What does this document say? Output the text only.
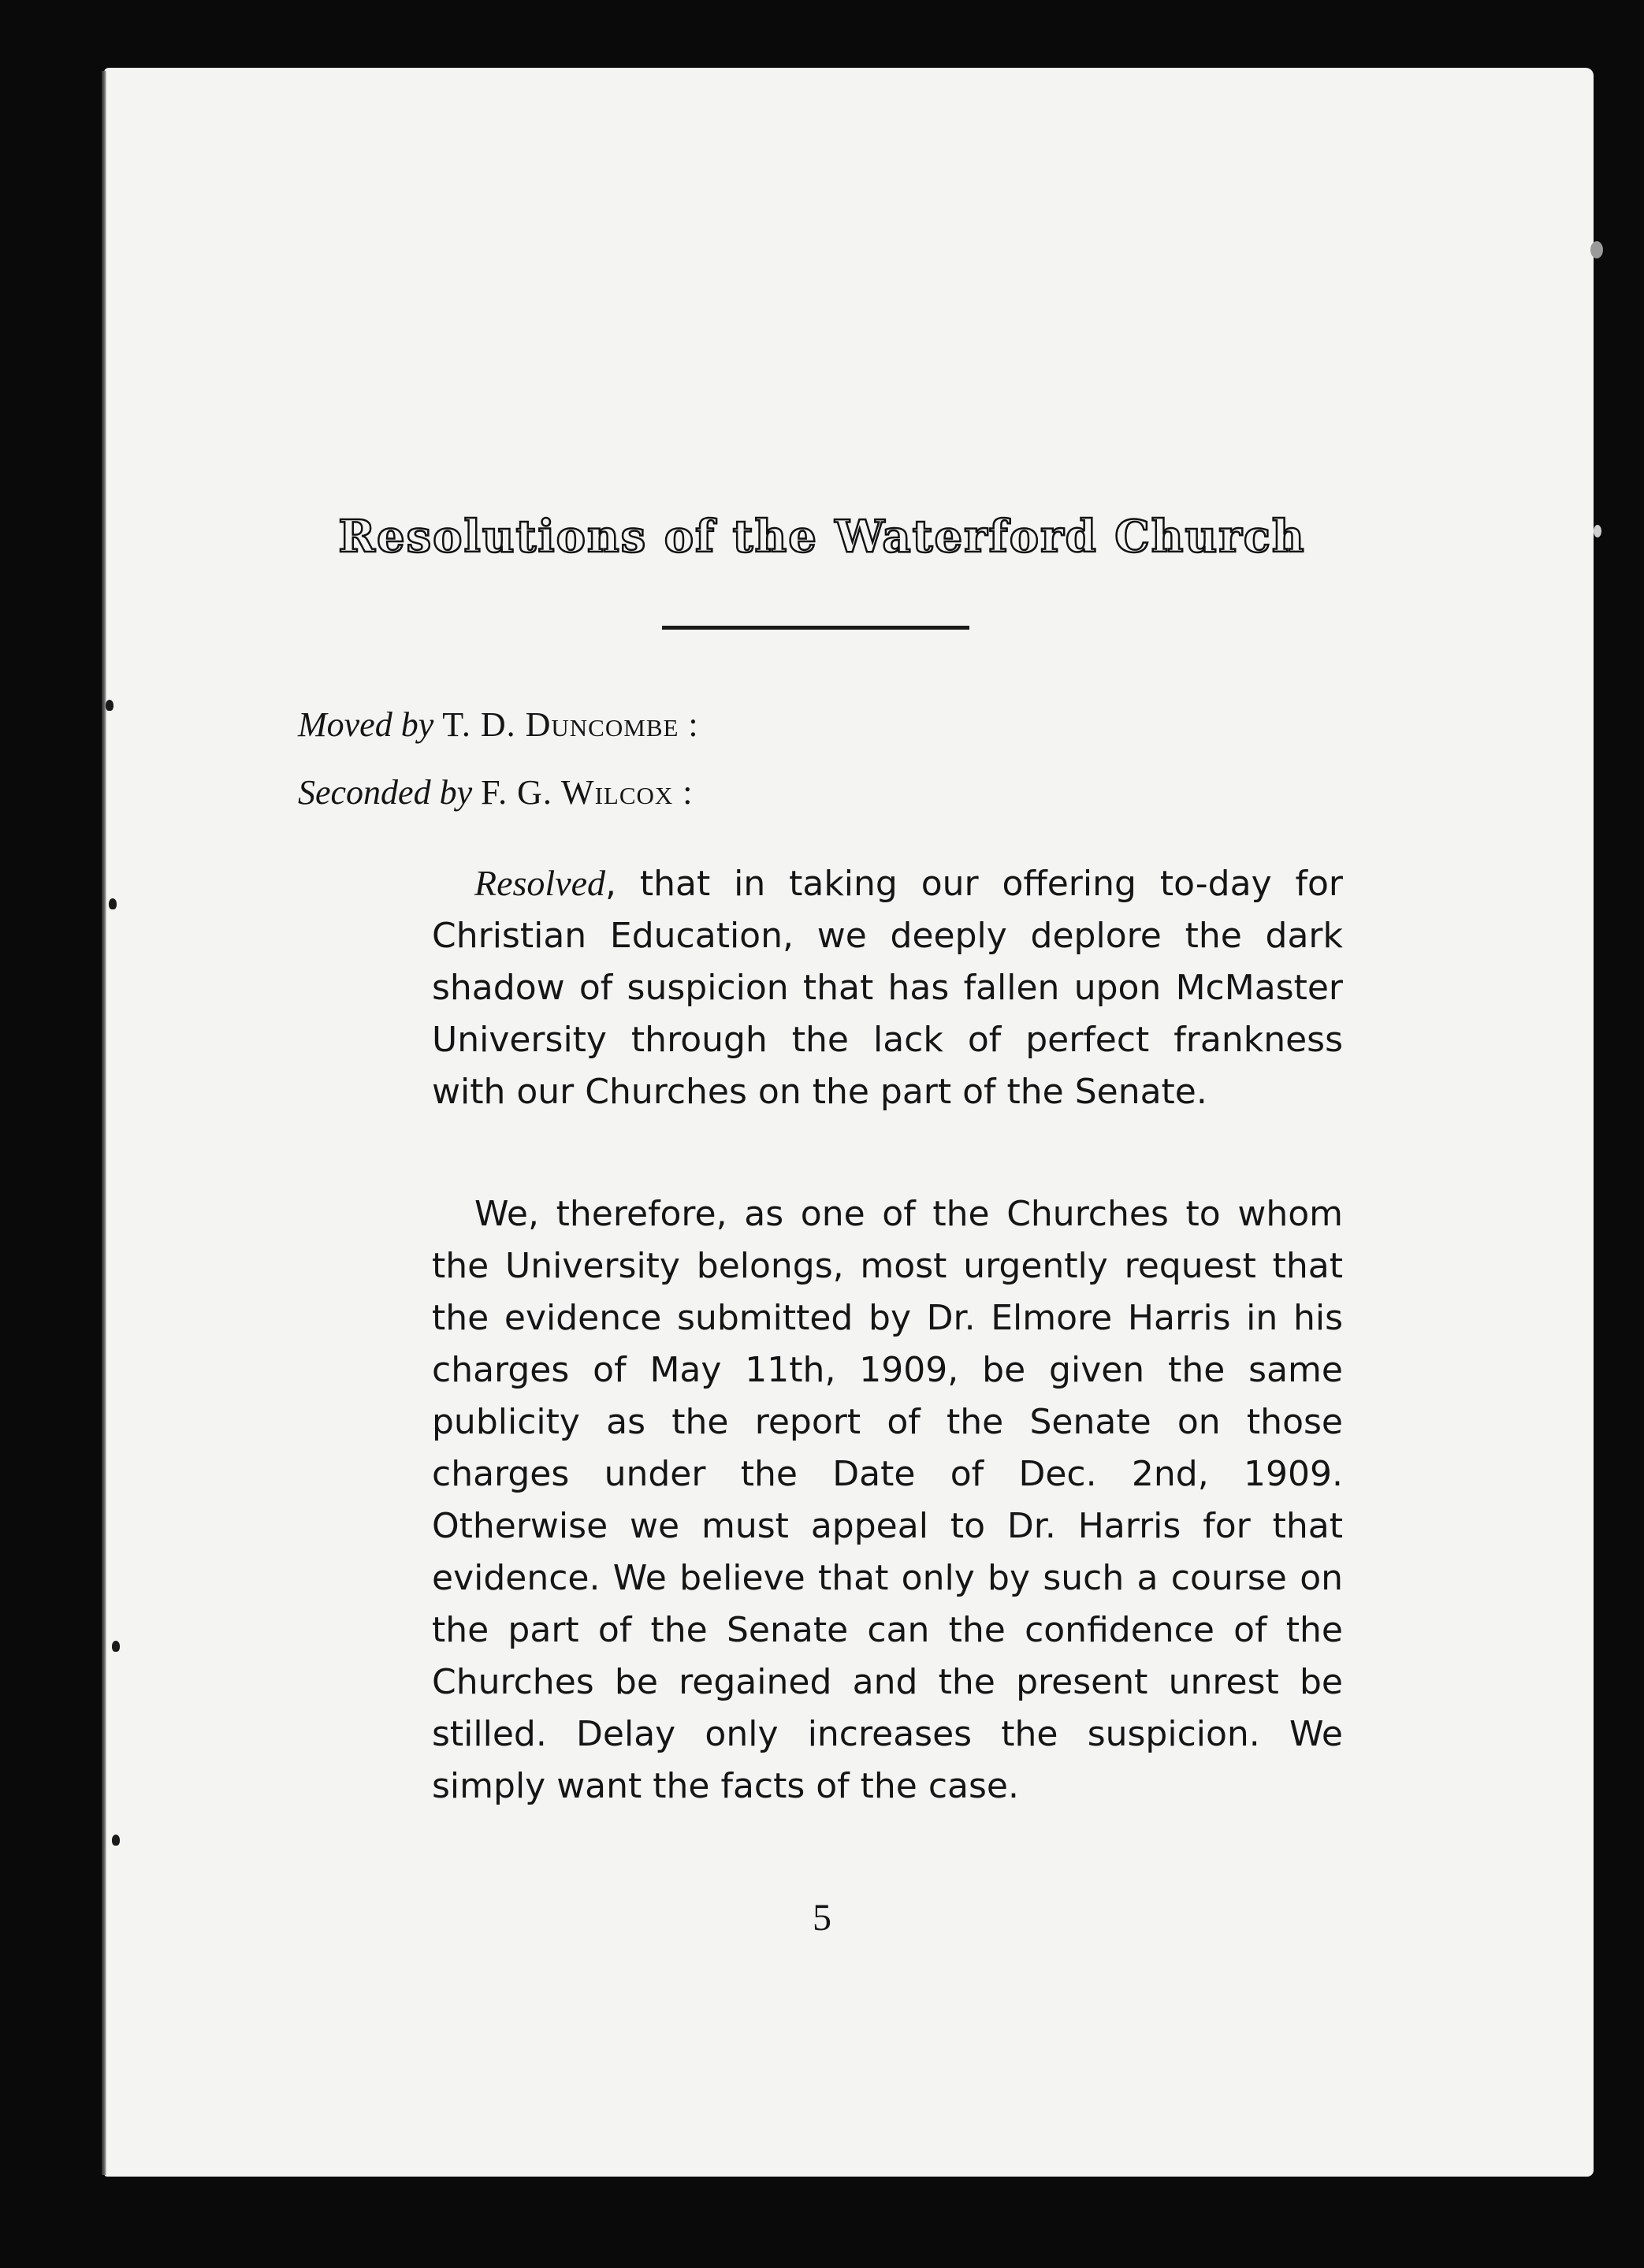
Resolutions of the Waterford Church

Moved by T. D. Duncombe :

Seconded by F. G. Wilcox :

Resolved, that in taking our offering to-day for Christian Education, we deeply deplore the dark shadow of suspicion that has fallen upon McMaster University through the lack of perfect frankness with our Churches on the part of the Senate.

We, therefore, as one of the Churches to whom the University belongs, most urgently request that the evidence submitted by Dr. Elmore Harris in his charges of May 11th, 1909, be given the same publicity as the report of the Senate on those charges under the Date of Dec. 2nd, 1909. Otherwise we must appeal to Dr. Harris for that evidence. We believe that only by such a course on the part of the Senate can the confidence of the Churches be regained and the present unrest be stilled. Delay only increases the suspicion. We simply want the facts of the case.

5
